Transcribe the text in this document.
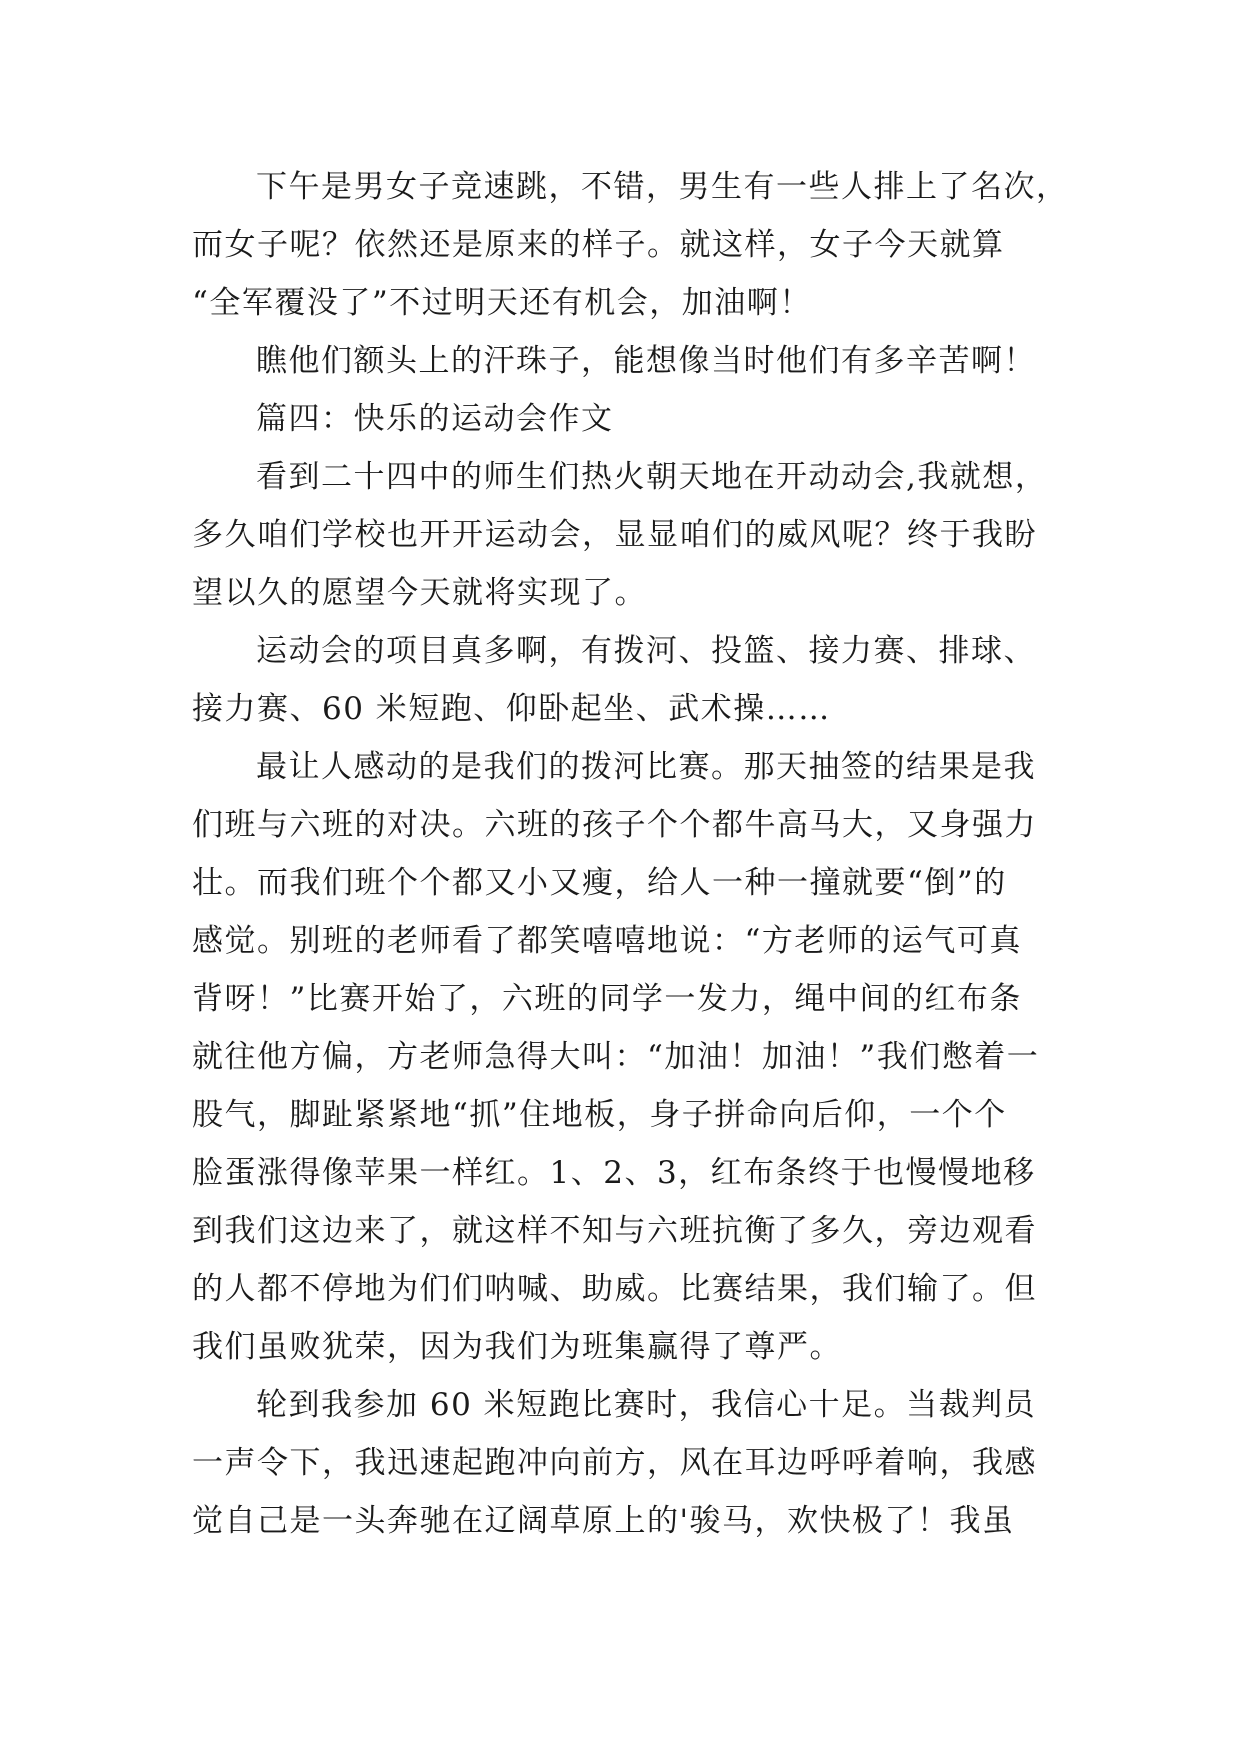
下午是男女子竞速跳，不错，男生有一些人排上了名次，
而女子呢？依然还是原来的样子。就这样，女子今天就算
“全军覆没了”不过明天还有机会，加油啊！
瞧他们额头上的汗珠子，能想像当时他们有多辛苦啊！
篇四：快乐的运动会作文
看到二十四中的师生们热火朝天地在开动动会,我就想，
多久咱们学校也开开运动会，显显咱们的威风呢？终于我盼
望以久的愿望今天就将实现了。
运动会的项目真多啊，有拨河、投篮、接力赛、排球、
接力赛、60 米短跑、仰卧起坐、武术操……
最让人感动的是我们的拨河比赛。那天抽签的结果是我
们班与六班的对决。六班的孩子个个都牛高马大，又身强力
壮。而我们班个个都又小又瘦，给人一种一撞就要“倒”的
感觉。别班的老师看了都笑嘻嘻地说：“方老师的运气可真
背呀！”比赛开始了，六班的同学一发力，绳中间的红布条
就往他方偏，方老师急得大叫：“加油！加油！”我们憋着一
股气，脚趾紧紧地“抓”住地板，身子拼命向后仰，一个个
脸蛋涨得像苹果一样红。1、2、3，红布条终于也慢慢地移
到我们这边来了，就这样不知与六班抗衡了多久，旁边观看
的人都不停地为们们呐喊、助威。比赛结果，我们输了。但
我们虽败犹荣，因为我们为班集赢得了尊严。
轮到我参加 60 米短跑比赛时，我信心十足。当裁判员
一声令下，我迅速起跑冲向前方，风在耳边呼呼着响，我感
觉自己是一头奔驰在辽阔草原上的'骏马，欢快极了！我虽
